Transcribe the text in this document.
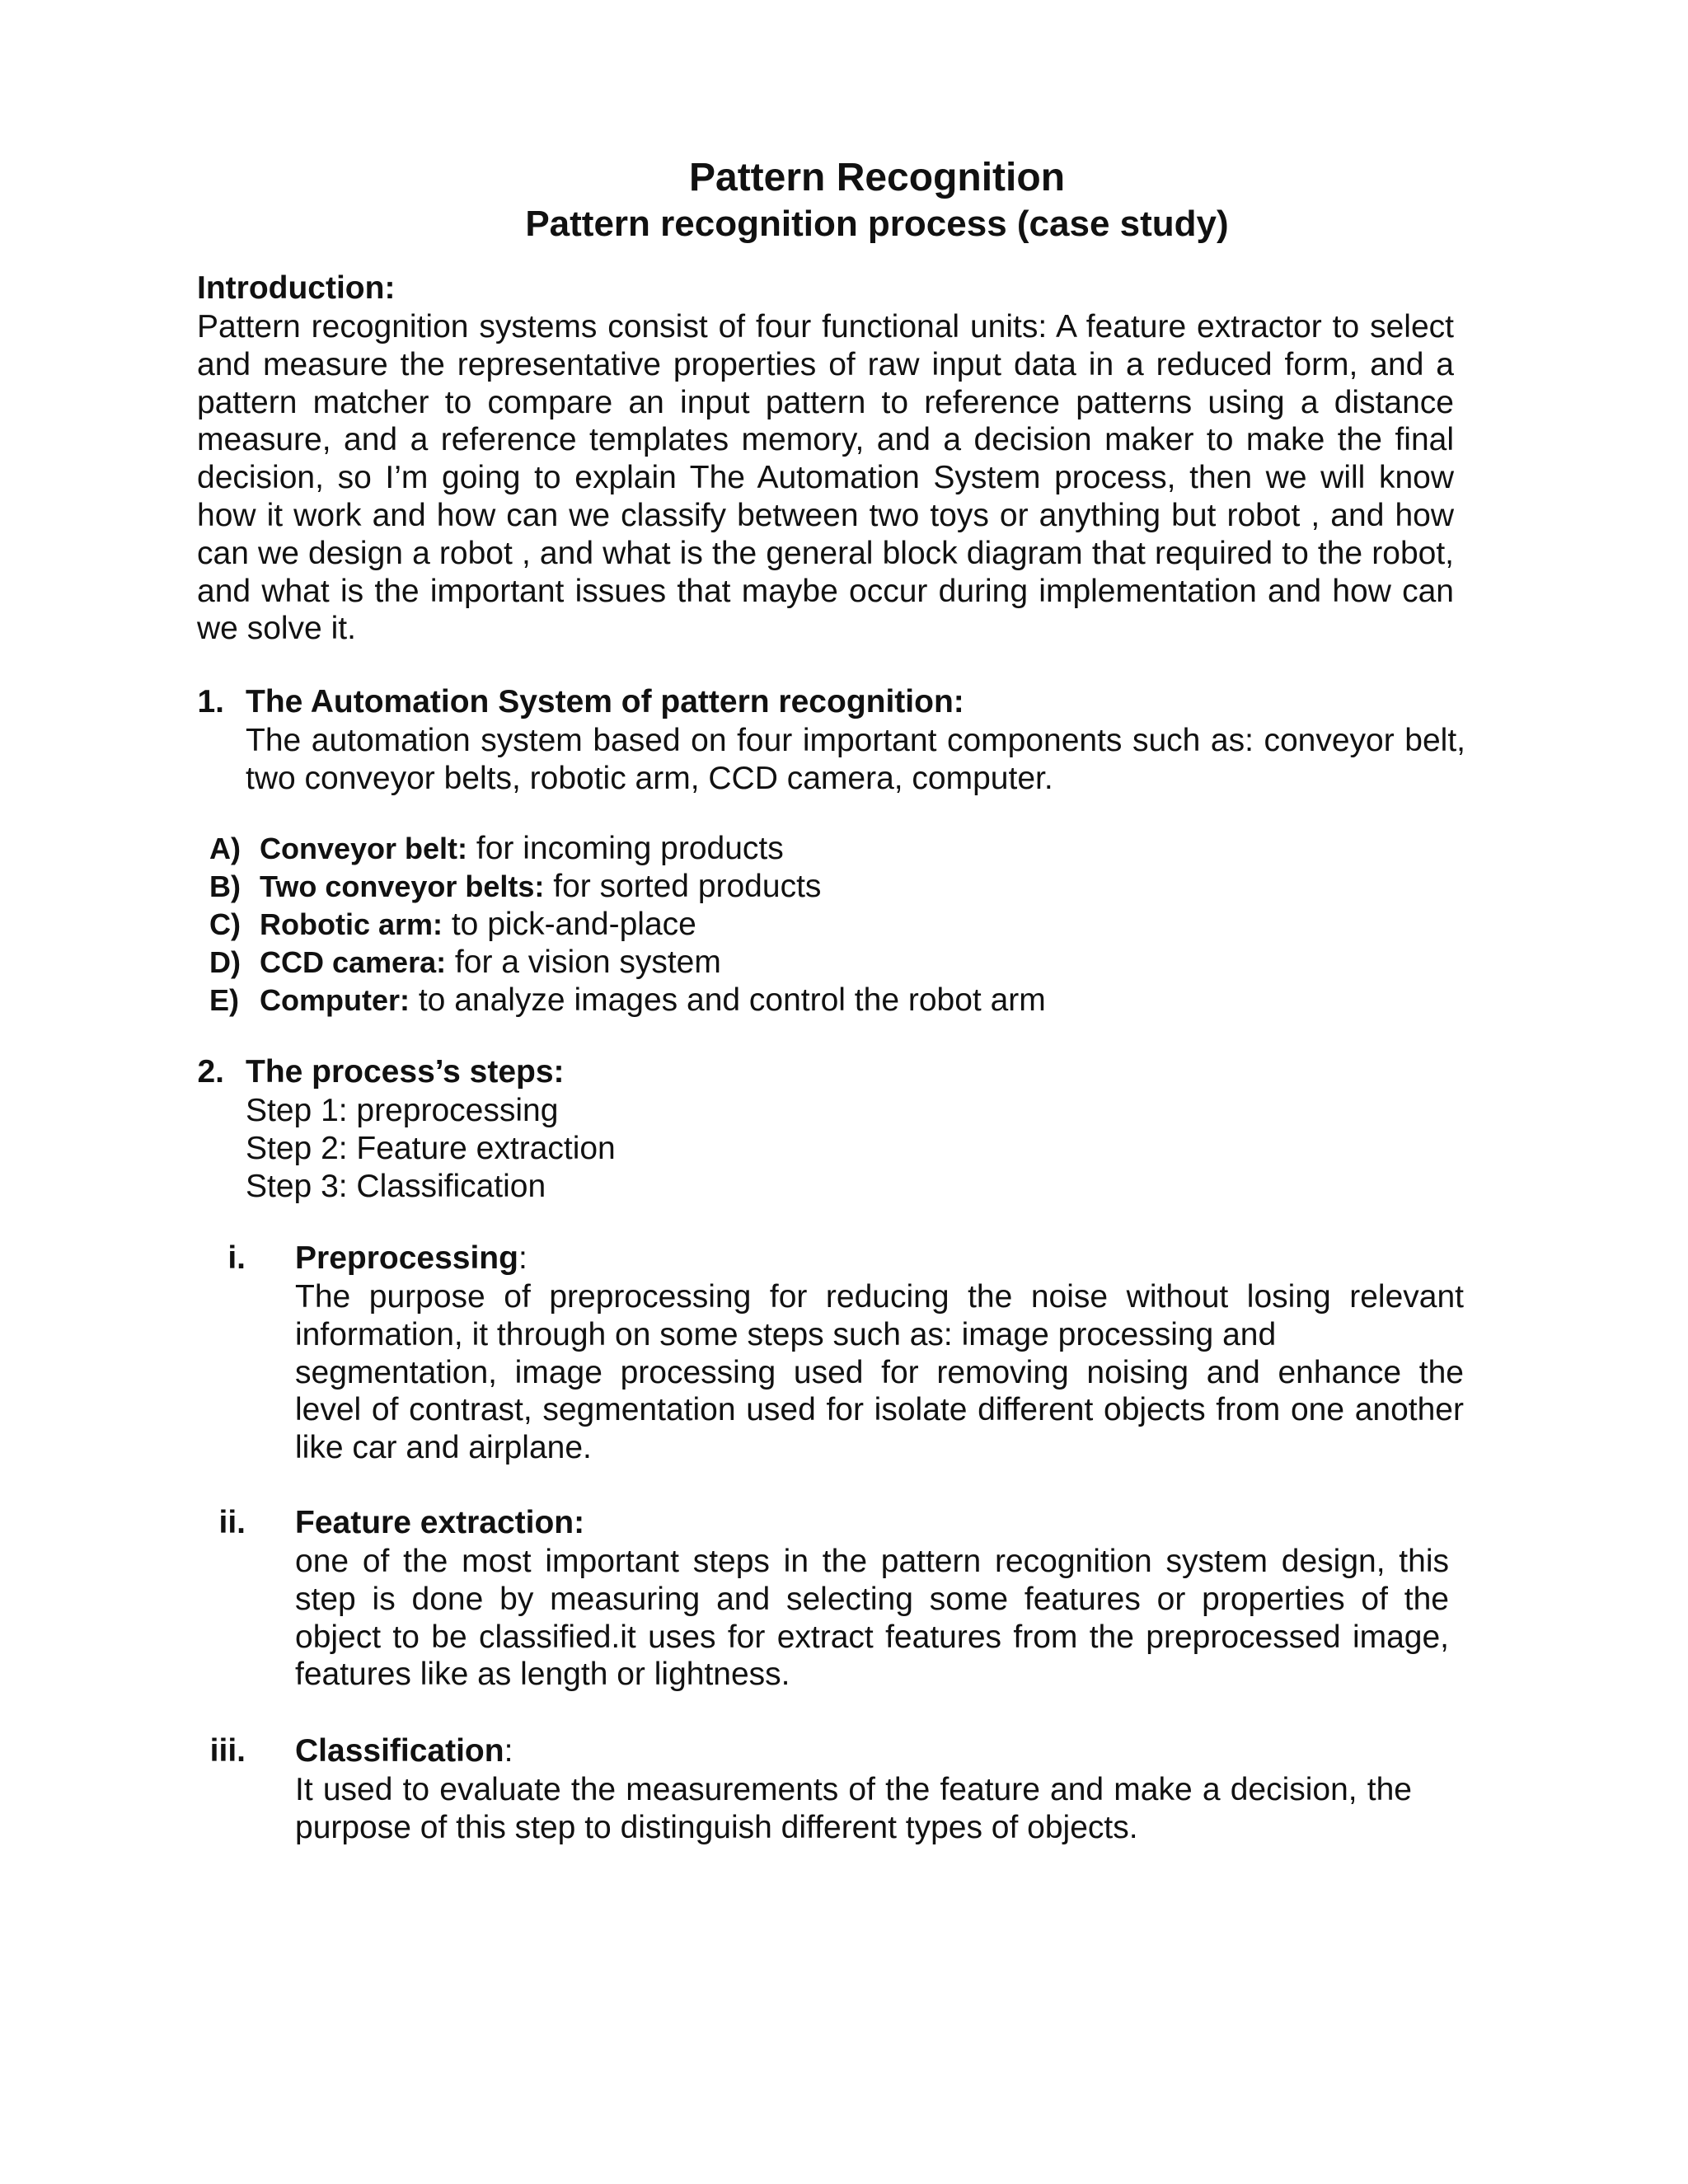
Pattern Recognition
Pattern recognition process (case study)
Introduction:
Pattern recognition systems consist of four functional units: A feature extractor to select
and measure the representative properties of raw input data in a reduced form, and a
pattern matcher to compare an input pattern to reference patterns using a distance
measure, and a reference templates memory, and a decision maker to make the final
decision, so I’m going to explain The Automation System process, then we will know
how it work and how can we classify between two toys or anything but robot , and how
can we design a robot , and what is the general block diagram that required to the robot,
and what is the important issues that maybe occur during implementation and how can
we solve it.
1. The Automation System of pattern recognition:
The automation system based on four important components such as: conveyor belt,
two conveyor belts, robotic arm, CCD camera, computer.
A) Conveyor belt: for incoming products
B) Two conveyor belts: for sorted products
C) Robotic arm: to pick-and-place
D) CCD camera: for a vision system
E) Computer: to analyze images and control the robot arm
2. The process’s steps:
Step 1: preprocessing
Step 2: Feature extraction
Step 3: Classification
i. Preprocessing:
The purpose of preprocessing for reducing the noise without losing relevant
information, it through on some steps such as: image processing and
segmentation, image processing used for removing noising and enhance the
level of contrast, segmentation used for isolate different objects from one another
like car and airplane.
ii. Feature extraction:
one of the most important steps in the pattern recognition system design, this
step is done by measuring and selecting some features or properties of the
object to be classified.it uses for extract features from the preprocessed image,
features like as length or lightness.
iii. Classification:
It used to evaluate the measurements of the feature and make a decision, the
purpose of this step to distinguish different types of objects.
